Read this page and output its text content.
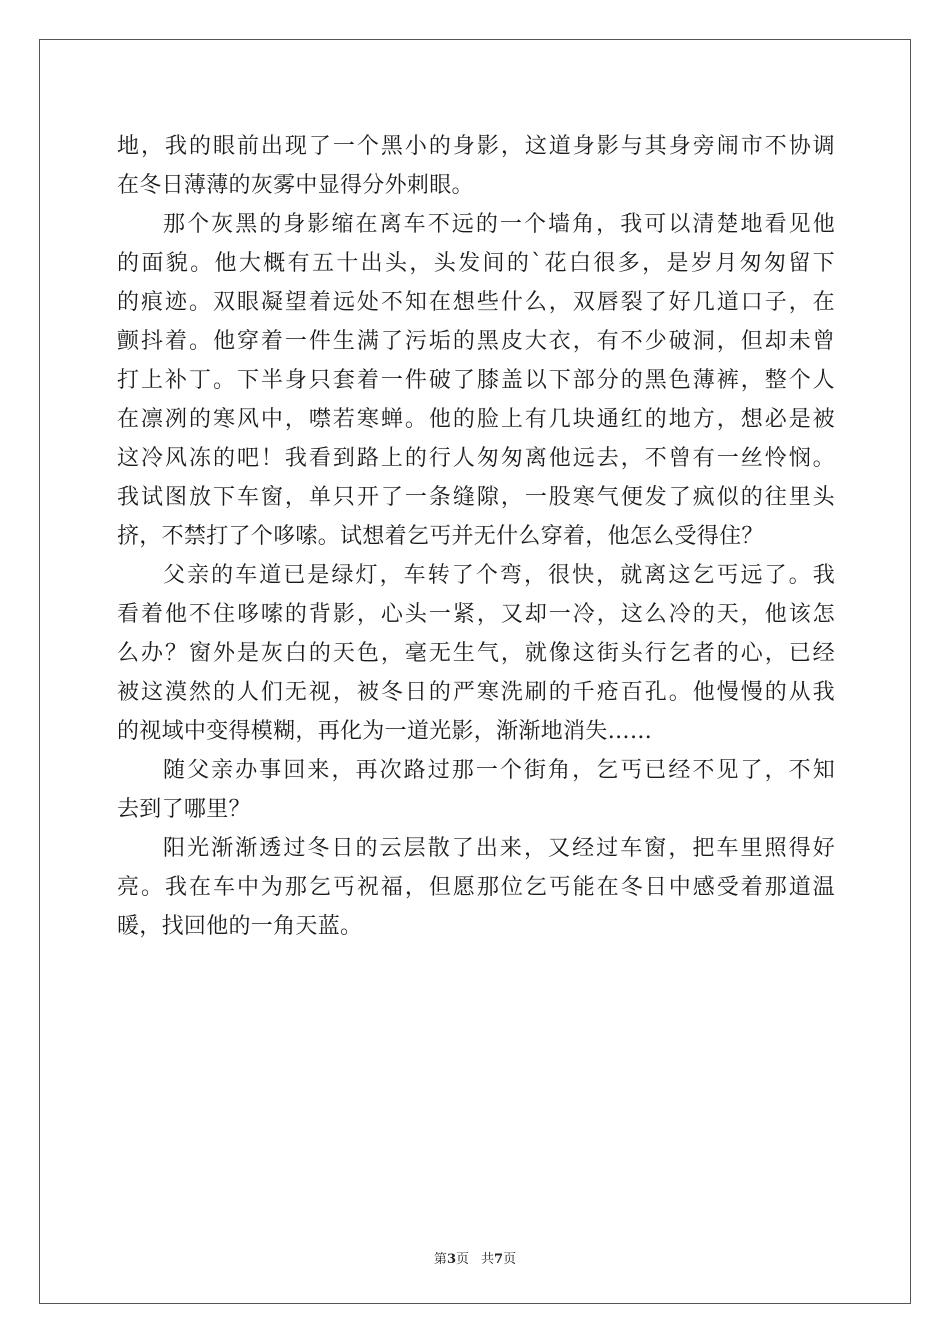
地，我的眼前出现了一个黑小的身影，这道身影与其身旁闹市不协调
在冬日薄薄的灰雾中显得分外刺眼。
那个灰黑的身影缩在离车不远的一个墙角，我可以清楚地看见他
的面貌。他大概有五十出头，头发间的`花白很多，是岁月匆匆留下
的痕迹。双眼凝望着远处不知在想些什么，双唇裂了好几道口子，在
颤抖着。他穿着一件生满了污垢的黑皮大衣，有不少破洞，但却未曾
打上补丁。下半身只套着一件破了膝盖以下部分的黑色薄裤，整个人
在凛冽的寒风中，噤若寒蝉。他的脸上有几块通红的地方，想必是被
这冷风冻的吧！我看到路上的行人匆匆离他远去，不曾有一丝怜悯。
我试图放下车窗，单只开了一条缝隙，一股寒气便发了疯似的往里头
挤，不禁打了个哆嗦。试想着乞丐并无什么穿着，他怎么受得住？
父亲的车道已是绿灯，车转了个弯，很快，就离这乞丐远了。我
看着他不住哆嗦的背影，心头一紧，又却一冷，这么冷的天，他该怎
么办？窗外是灰白的天色，毫无生气，就像这街头行乞者的心，已经
被这漠然的人们无视，被冬日的严寒洗刷的千疮百孔。他慢慢的从我
的视域中变得模糊，再化为一道光影，渐渐地消失……
随父亲办事回来，再次路过那一个街角，乞丐已经不见了，不知
去到了哪里？
阳光渐渐透过冬日的云层散了出来，又经过车窗，把车里照得好
亮。我在车中为那乞丐祝福，但愿那位乞丐能在冬日中感受着那道温
暖，找回他的一角天蓝。
第3页 共7页
